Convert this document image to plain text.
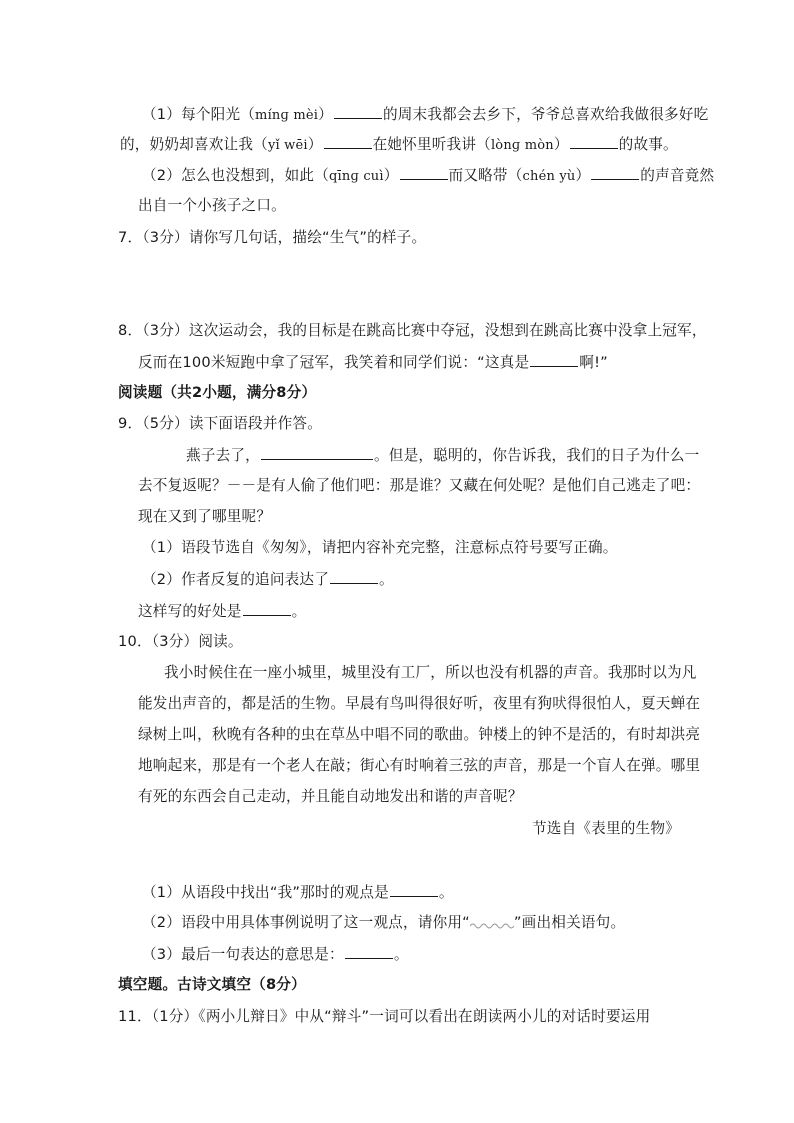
（1）每个阳光（mínɡ mèi）	的周末我都会去乡下，爷爷总喜欢给我做很多好吃
的，奶奶却喜欢让我（yǐ wēi）	在她怀里听我讲（lònɡ mòn）	的故事。
（2）怎么也没想到，如此（qīnɡ cuì）	而又略带（chén yù）	的声音竟然
出自一个小孩子之口。
7．（3分）请你写几句话，描绘“生气”的样子。
8．（3分）这次运动会，我的目标是在跳高比赛中夺冠，没想到在跳高比赛中没拿上冠军，
反而在100米短跑中拿了冠军，我笑着和同学们说：“这真是	啊!”
阅读题（共2小题，满分8分）
9．（5分）读下面语段并作答。
燕子去了，	。但是，聪明的，你告诉我，我们的日子为什么一
去不复返呢？－－是有人偷了他们吧：那是谁？又藏在何处呢？是他们自己逃走了吧：
现在又到了哪里呢？
（1）语段节选自《匆匆》，请把内容补充完整，注意标点符号要写正确。
（2）作者反复的追问表达了	。
这样写的好处是	。
10．（3分）阅读。
我小时候住在一座小城里，城里没有工厂，所以也没有机器的声音。我那时以为凡
能发出声音的，都是活的生物。早晨有鸟叫得很好听，夜里有狗吠得很怕人，夏天蝉在
绿树上叫，秋晚有各种的虫在草丛中唱不同的歌曲。钟楼上的钟不是活的，有时却洪亮
地响起来，那是有一个老人在敲；街心有时响着三弦的声音，那是一个盲人在弹。哪里
有死的东西会自己走动，并且能自动地发出和谐的声音呢？
节选自《表里的生物》
（1）从语段中找出“我”那时的观点是	。
（2）语段中用具体事例说明了这一观点，请你用“	”画出相关语句。
（3）最后一句表达的意思是：	。
填空题。古诗文填空（8分）
11．（1分）《两小儿辩日》中从“辩斗”一词可以看出在朗读两小儿的对话时要运用
